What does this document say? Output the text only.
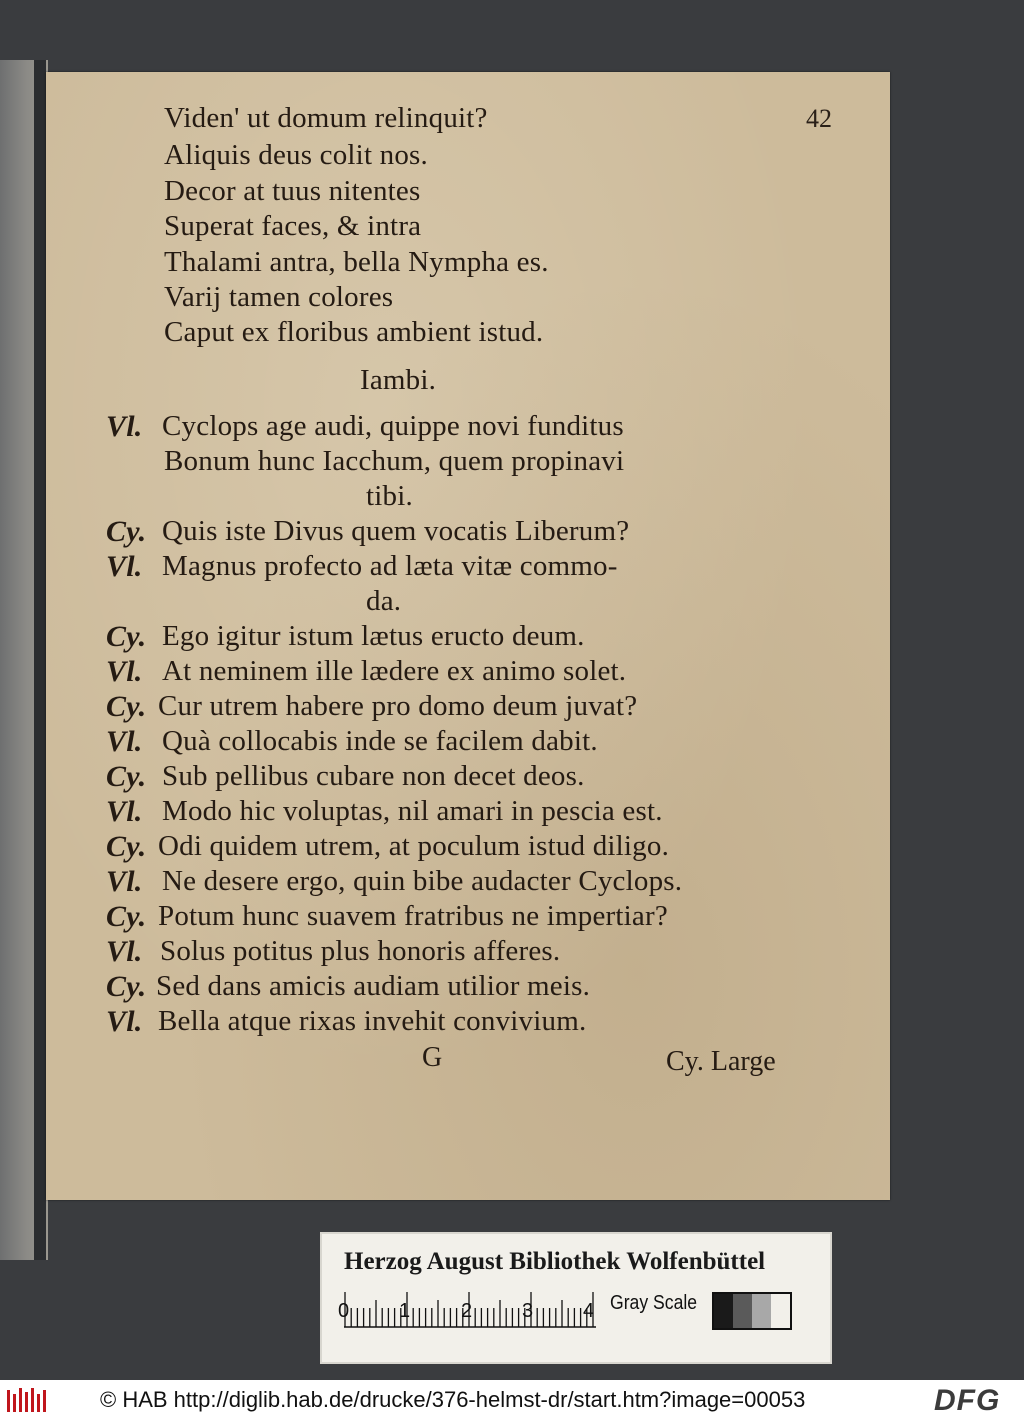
42
Viden' ut domum relinquit?
Aliquis deus colit nos.
Decor at tuus nitentes
Superat faces, & intra
Thalami antra, bella Nympha es.
Varij tamen colores
Caput ex floribus ambient istud.
Iambi.
Vl. Cyclops age audi, quippe novi funditus
Bonum hunc Iacchum, quem propinavi
tibi.
Cy. Quis iste Divus quem vocatis Liberum?
Vl. Magnus profecto ad læta vitæ commo-
da.
Cy. Ego igitur istum lætus eructo deum.
Vl. At neminem ille lædere ex animo solet.
Cy. Cur utrem habere pro domo deum juvat?
Vl. Quà collocabis inde se facilem dabit.
Cy. Sub pellibus cubare non decet deos.
Vl. Modo hic voluptas, nil amari in pescia est.
Cy. Odi quidem utrem, at poculum istud diligo.
Vl. Ne desere ergo, quin bibe audacter Cyclops.
Cy. Potum hunc suavem fratribus ne impertiar?
Vl. Solus potitus plus honoris afferes.
Cy. Sed dans amicis audiam utilior meis.
Vl. Bella atque rixas invehit convivium.
G	Cy. Large
Herzog August Bibliothek Wolfenbüttel
Gray Scale
0 1	2 3 4
© HAB http://diglib.hab.de/drucke/376-helmst-dr/start.htm?image=00053	DFG
